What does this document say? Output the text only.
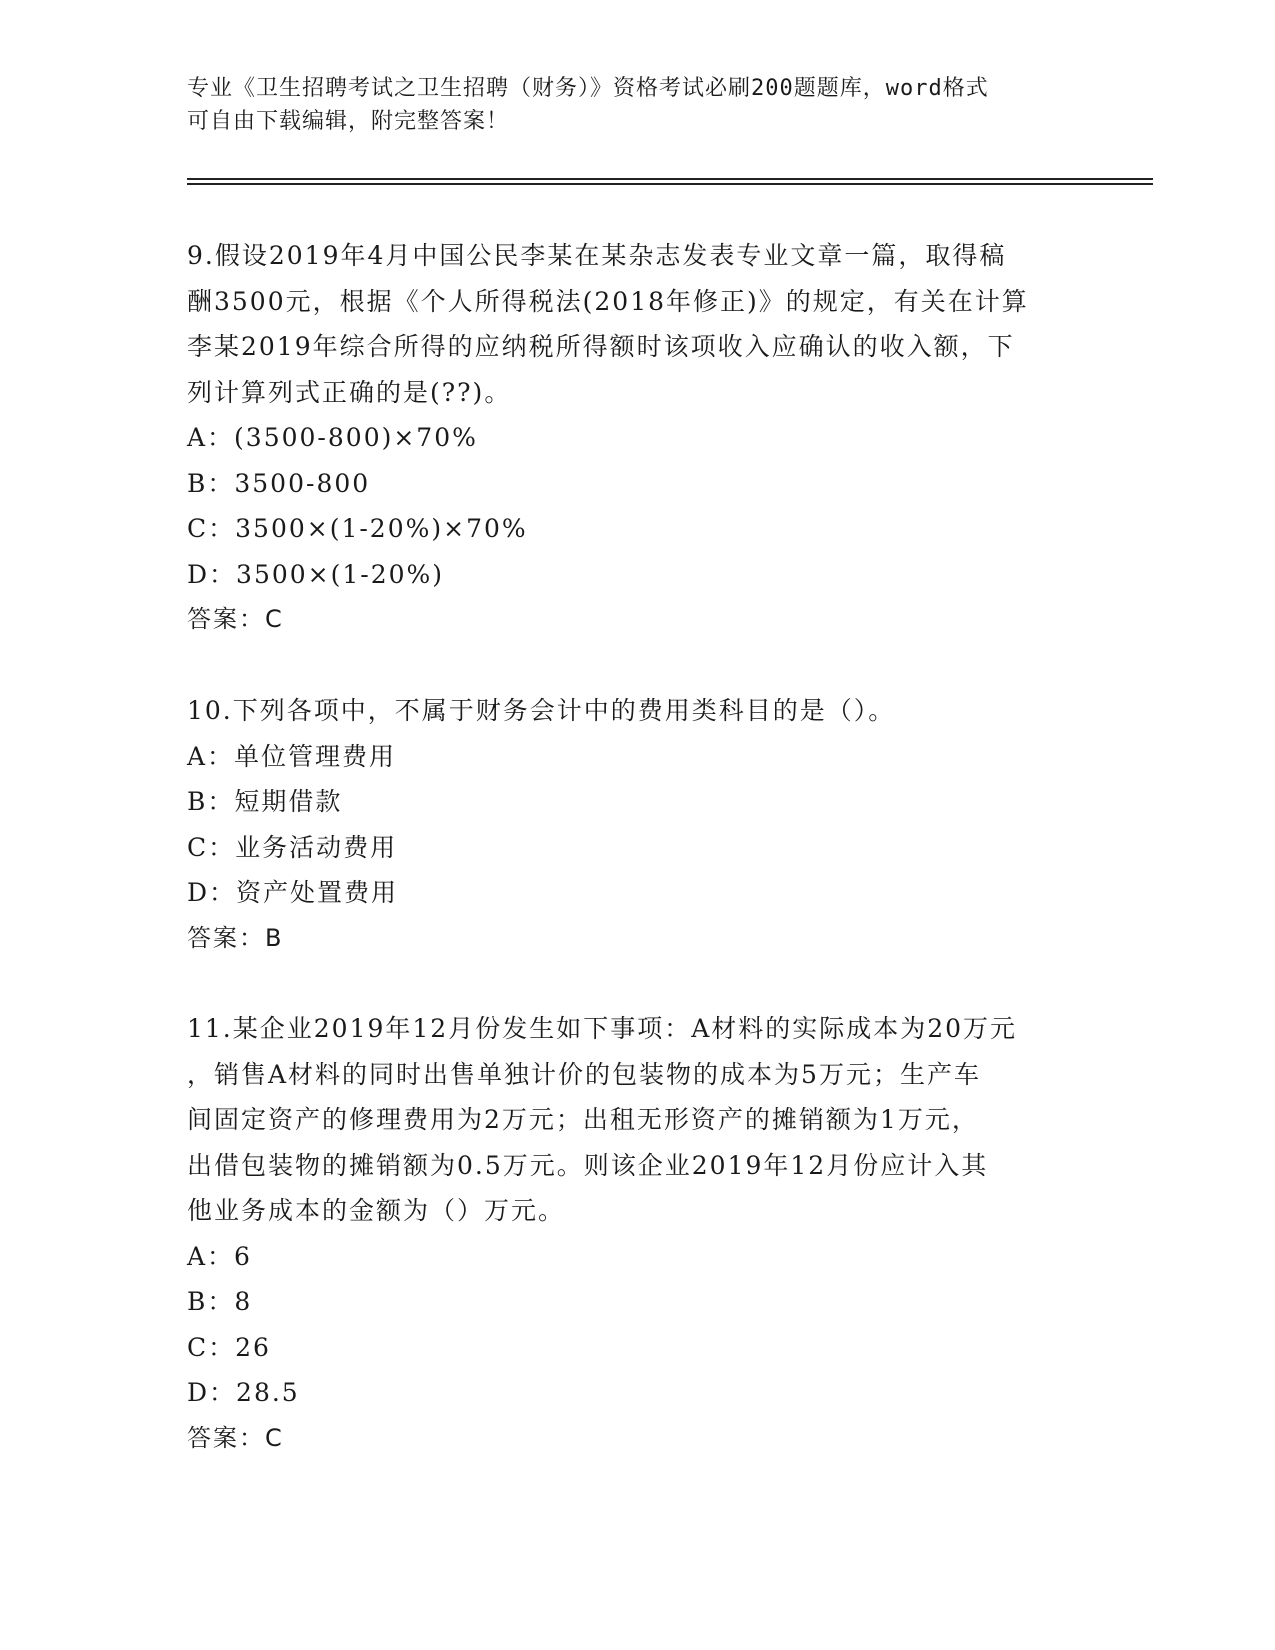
专业《卫生招聘考试之卫生招聘（财务）》资格考试必刷200题题库，word格式
可自由下载编辑，附完整答案！
9.假设2019年4月中国公民李某在某杂志发表专业文章一篇，取得稿
酬3500元，根据《个人所得税法(2018年修正)》的规定，有关在计算
李某2019年综合所得的应纳税所得额时该项收入应确认的收入额，下
列计算列式正确的是(??)。
A：(3500-800)×70%
B：3500-800
C：3500×(1-20%)×70%
D：3500×(1-20%)
答案：C
10.下列各项中，不属于财务会计中的费用类科目的是（）。
A：单位管理费用
B：短期借款
C：业务活动费用
D：资产处置费用
答案：B
11.某企业2019年12月份发生如下事项：A材料的实际成本为20万元
，销售A材料的同时出售单独计价的包装物的成本为5万元；生产车
间固定资产的修理费用为2万元；出租无形资产的摊销额为1万元，
出借包装物的摊销额为0.5万元。则该企业2019年12月份应计入其
他业务成本的金额为（）万元。
A：6
B：8
C：26
D：28.5
答案：C
